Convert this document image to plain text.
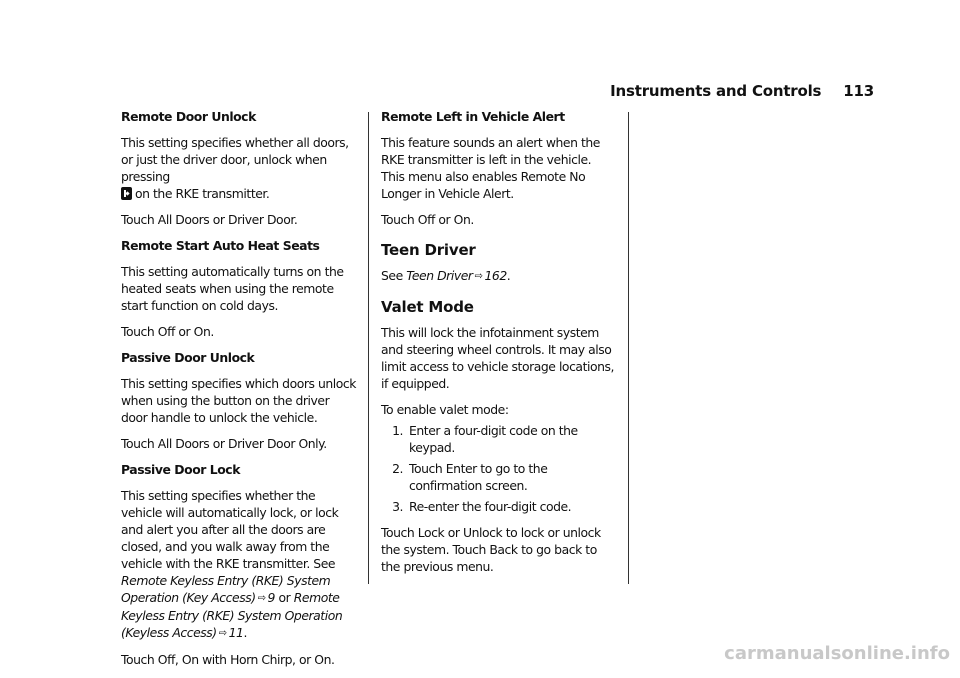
Instruments and Controls 113
Remote Door Unlock

This setting specifies whether all doors, or just the driver door, unlock when pressing
on the RKE transmitter.

Touch All Doors or Driver Door.

Remote Start Auto Heat Seats

This setting automatically turns on the heated seats when using the remote start function on cold days.

Touch Off or On.

Passive Door Unlock

This setting specifies which doors unlock when using the button on the driver door handle to unlock the vehicle.

Touch All Doors or Driver Door Only.

Passive Door Lock

This setting specifies whether the vehicle will automatically lock, or lock and alert you after all the doors are closed, and you walk away from the vehicle with the RKE transmitter. See Remote Keyless Entry (RKE) System Operation (Key Access) ⇨ 9 or Remote Keyless Entry (RKE) System Operation (Keyless Access) ⇨ 11.

Touch Off, On with Horn Chirp, or On.

Remote Left in Vehicle Alert

This feature sounds an alert when the RKE transmitter is left in the vehicle. This menu also enables Remote No Longer in Vehicle Alert.

Touch Off or On.

Teen Driver

See Teen Driver ⇨ 162.

Valet Mode

This will lock the infotainment system and steering wheel controls. It may also limit access to vehicle storage locations, if equipped.

To enable valet mode:

1. Enter a four-digit code on the keypad.
2. Touch Enter to go to the confirmation screen.
3. Re-enter the four-digit code.

Touch Lock or Unlock to lock or unlock the system. Touch Back to go back to the previous menu.

carmanualsonline.info
